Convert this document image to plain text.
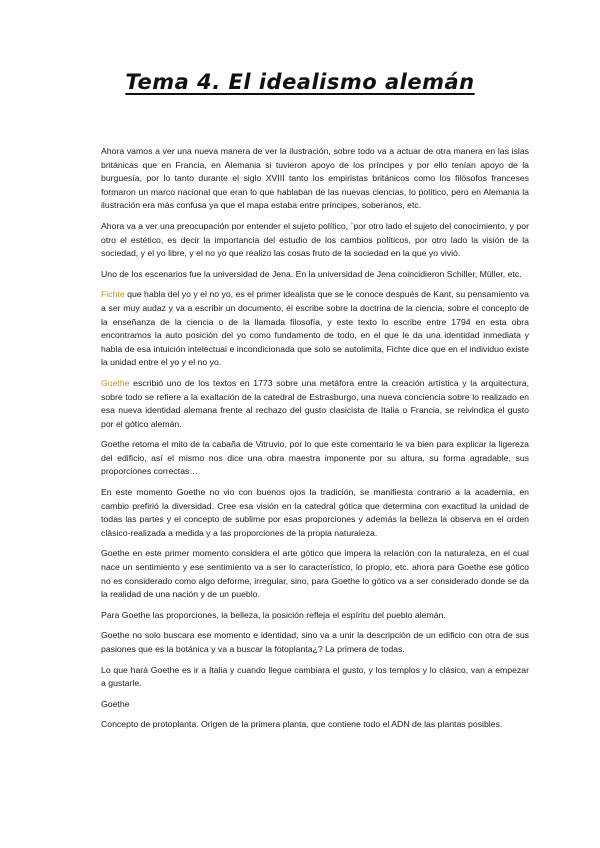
Tema 4. El idealismo alemán

Ahora vamos a ver una nueva manera de ver la ilustración, sobre todo va a actuar de otra manera en las islas británicas que en Francia, en Alemania si tuvieron apoyo de los príncipes y por ello tenían apoyo de la burguesía, por lo tanto durante el siglo XVIII tanto los empiristas británicos como los filósofos franceses formaron un marco nacional que eran lo que hablaban de las nuevas ciencias, lo político, pero en Alemania la ilustración era más confusa ya que el mapa estaba entre príncipes, soberanos, etc.

Ahora va a ver una preocupación por entender el sujeto político, `por otro lado el sujeto del conocimiento, y por otro el estético, es decir la importancia del estudio de los cambios políticos, por otro lado la visión de la sociedad, y el yo libre, y el no yo que realizo las cosas fruto de la sociedad en la que yo vivió.

Uno de los escenarios fue la universidad de Jena. En la universidad de Jena coincidieron Schiller, Müller, etc.

Fichte que habla del yo y el no yo, es el primer idealista que se le conoce después de Kant, su pensamiento va a ser muy audaz y va a escribir un documento, él escribe sobre la doctrina de la ciencia, sobre el concepto de la enseñanza de la ciencia o de la llamada filosofía, y este texto lo escribe entre 1794 en esta obra encontramos la auto posición del yo como fundamento de todo, en el que le da una identidad inmediata y habla de esa intuición intelectual e incondicionada que solo se autolimita, Fichte dice que en el individuo existe la unidad entre el yo y el no yo.

Goethe escribió uno de los textos en 1773 sobre una metáfora entre la creación artística y la arquitectura, sobre todo se refiere a la exaltación de la catedral de Estrasburgo, una nueva conciencia sobre lo realizado en esa nueva identidad alemana frente al rechazo del gusto clasicista de Italia o Francia, se reivindica el gusto por el gótico alemán.

Goethe retoma el mito de la cabaña de Vitruvio, por lo que este comentario le va bien para explicar la ligereza del edificio, así el mismo nos dice una obra maestra imponente por su altura, su forma agradable, sus proporciones correctas…

En este momento Goethe no vio con buenos ojos la tradición, se manifiesta contrario a la academia, en cambio prefirió la diversidad. Cree esa visión en la catedral gótica que determina con exactitud la unidad de todas las partes y el concepto de sublime por esas proporciones y además la belleza la observa en el orden clásico-realizada a medida y a las proporciones de la propia naturaleza.

Goethe en este primer momento considera el arte gótico que impera la relación con la naturaleza, en el cual nace un sentimiento y ese sentimiento va a ser lo característico, lo propio, etc. ahora para Goethe ese gótico no es considerado como algo deforme, irregular, sino, para Goethe lo gótico va a ser considerado donde se da la realidad de una nación y de un pueblo.

Para Goethe las proporciones, la belleza, la posición refleja el espíritu del pueblo alemán.

Goethe no solo buscara ese momento e identidad, sino va a unir la descripción de un edificio con otra de sus pasiones que es la botánica y va a buscar la fotoplanta¿? La primera de todas.

Lo que hará Goethe es ir a Italia y cuando llegue cambiara el gusto, y los templos y lo clásico, van a empezar a gustarle.

Goethe

Concepto de protoplanta. Origen de la primera planta, que contiene todo el ADN de las plantas posibles.
